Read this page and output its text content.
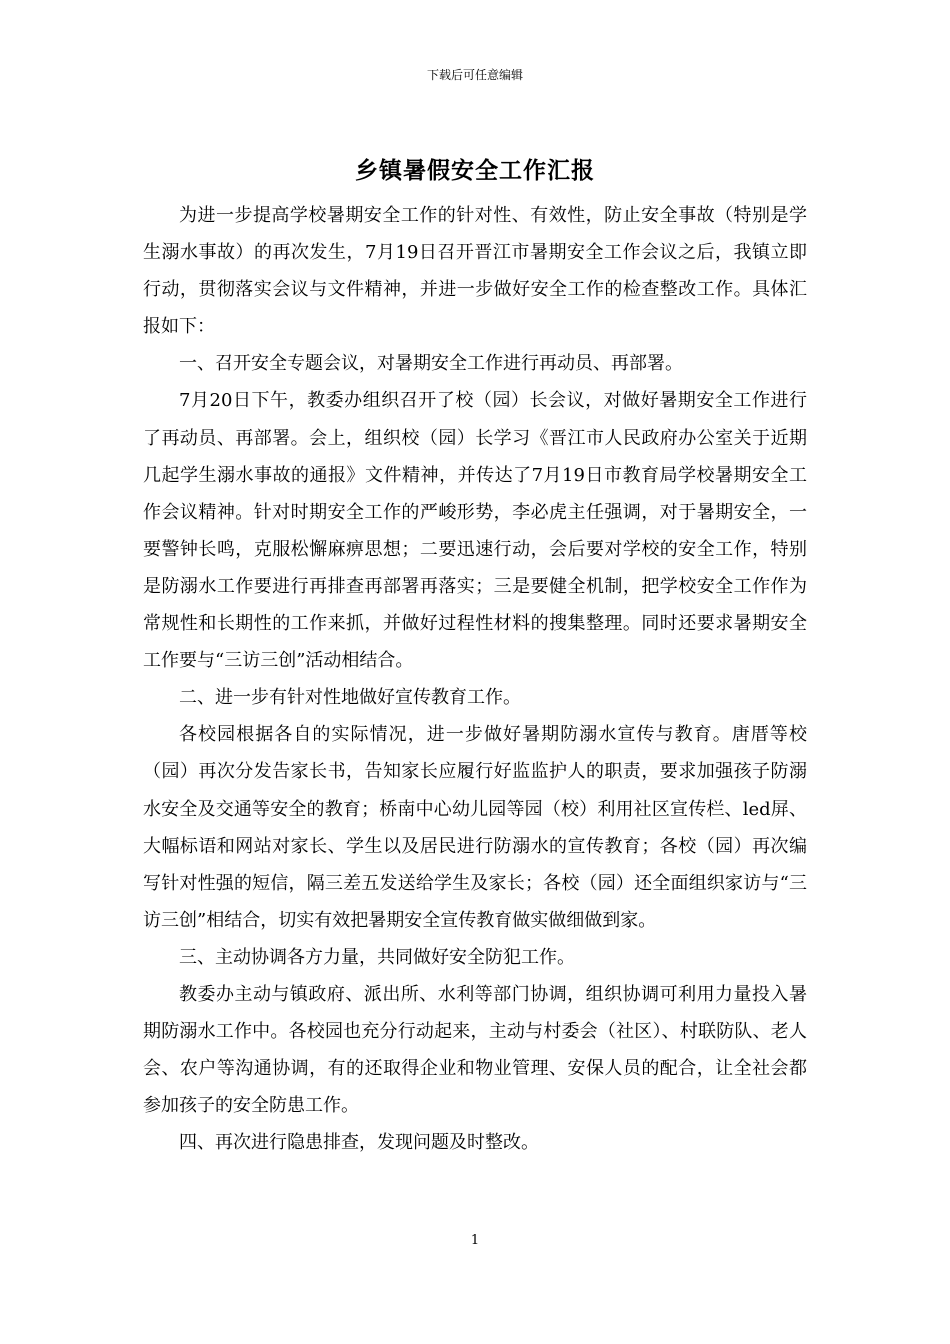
下载后可任意编辑
乡镇暑假安全工作汇报

为进一步提高学校暑期安全工作的针对性、有效性，防止安全事故（特别是学生溺水事故）的再次发生，7月19日召开晋江市暑期安全工作会议之后，我镇立即行动，贯彻落实会议与文件精神，并进一步做好安全工作的检查整改工作。具体汇报如下：

一、召开安全专题会议，对暑期安全工作进行再动员、再部署。

7月20日下午，教委办组织召开了校（园）长会议，对做好暑期安全工作进行了再动员、再部署。会上，组织校（园）长学习《晋江市人民政府办公室关于近期几起学生溺水事故的通报》文件精神，并传达了7月19日市教育局学校暑期安全工作会议精神。针对时期安全工作的严峻形势，李必虎主任强调，对于暑期安全，一要警钟长鸣，克服松懈麻痹思想；二要迅速行动，会后要对学校的安全工作，特别是防溺水工作要进行再排查再部署再落实；三是要健全机制，把学校安全工作作为常规性和长期性的工作来抓，并做好过程性材料的搜集整理。同时还要求暑期安全工作要与“三访三创”活动相结合。

二、进一步有针对性地做好宣传教育工作。

各校园根据各自的实际情况，进一步做好暑期防溺水宣传与教育。唐厝等校（园）再次分发告家长书，告知家长应履行好监监护人的职责，要求加强孩子防溺水安全及交通等安全的教育；桥南中心幼儿园等园（校）利用社区宣传栏、led屏、大幅标语和网站对家长、学生以及居民进行防溺水的宣传教育；各校（园）再次编写针对性强的短信，隔三差五发送给学生及家长；各校（园）还全面组织家访与“三访三创”相结合，切实有效把暑期安全宣传教育做实做细做到家。

三、主动协调各方力量，共同做好安全防犯工作。

教委办主动与镇政府、派出所、水利等部门协调，组织协调可利用力量投入暑期防溺水工作中。各校园也充分行动起来，主动与村委会（社区）、村联防队、老人会、农户等沟通协调，有的还取得企业和物业管理、安保人员的配合，让全社会都参加孩子的安全防患工作。

四、再次进行隐患排查，发现问题及时整改。

1
